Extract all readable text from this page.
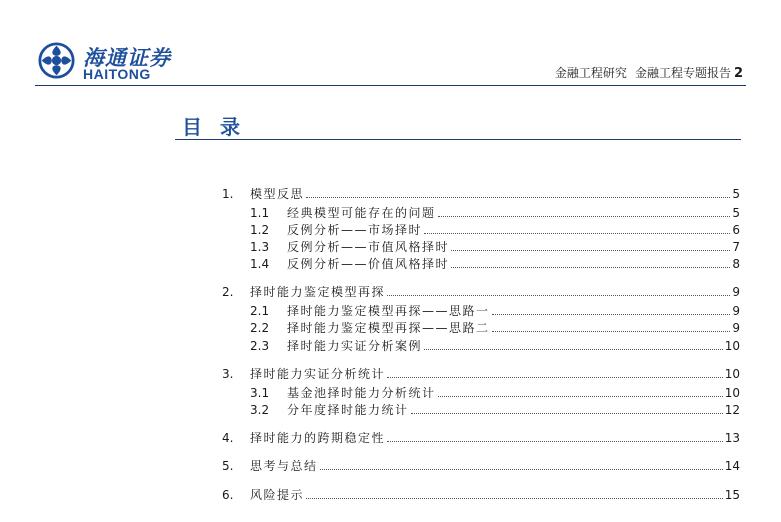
海通证券
HAITONG	金融工程研究 金融工程专题报告 2
目录
1.	模型反思	5
1.1	经典模型可能存在的问题	5
1.2	反例分析——市场择时	6
1.3	反例分析——市值风格择时	7
1.4	反例分析——价值风格择时	8
2.	择时能力鉴定模型再探	9
2.1	择时能力鉴定模型再探——思路一	9
2.2	择时能力鉴定模型再探——思路二	9
2.3	择时能力实证分析案例	10
3.	择时能力实证分析统计	10
3.1	基金池择时能力分析统计	10
3.2	分年度择时能力统计	12
4.	择时能力的跨期稳定性	13
5.	思考与总结	14
6.	风险提示	15
